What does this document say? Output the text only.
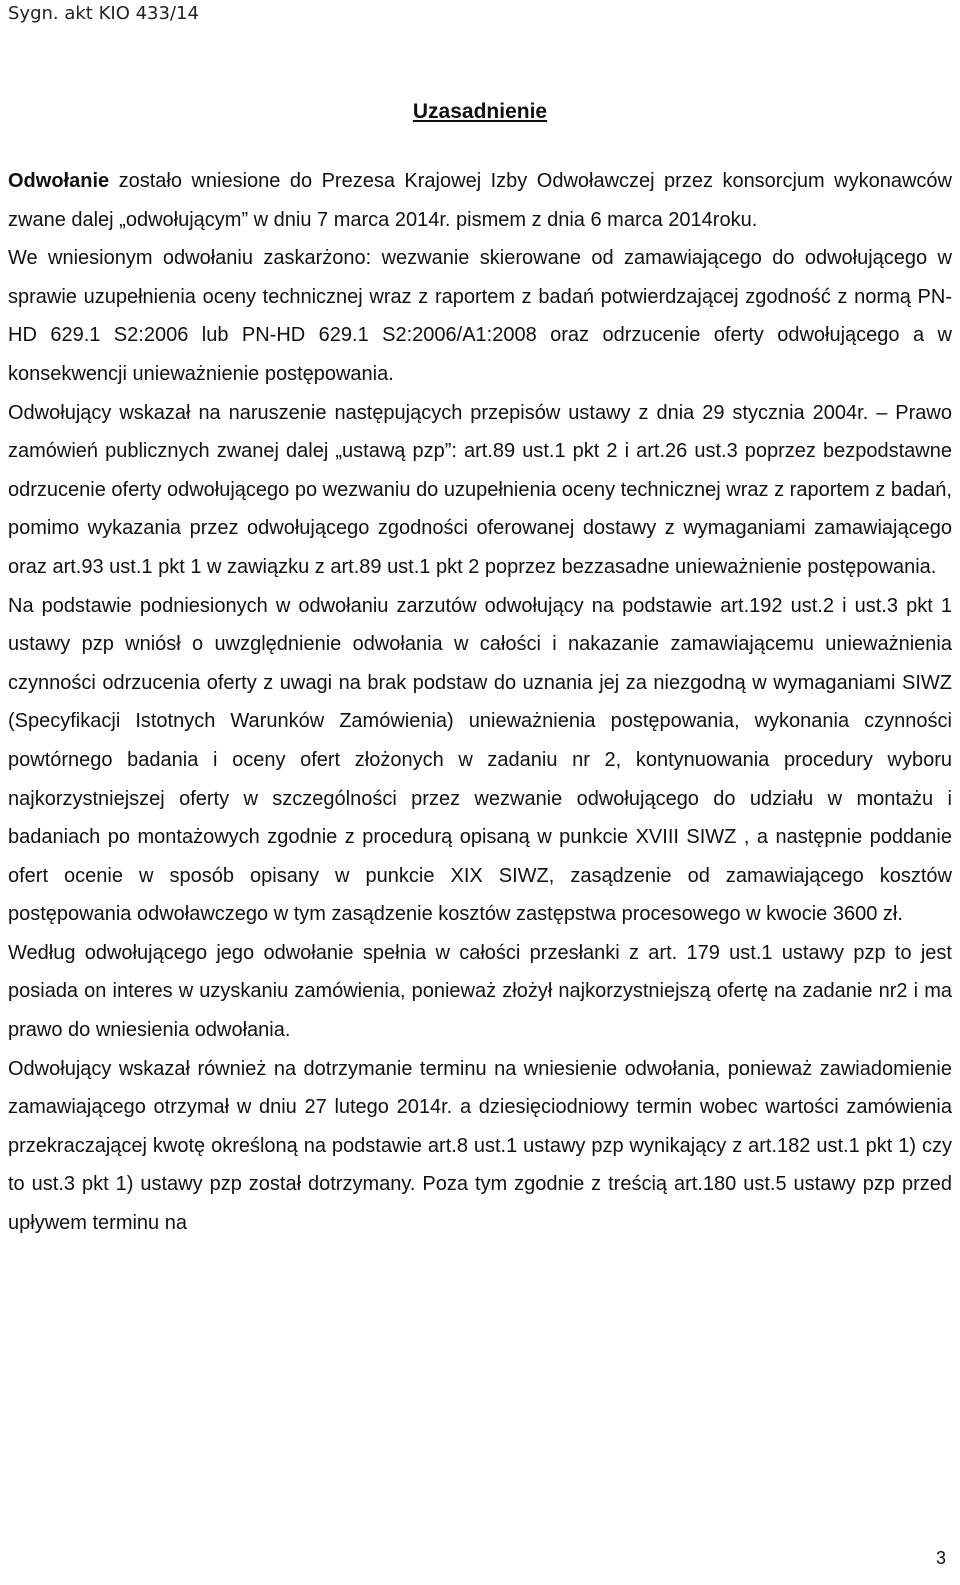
Sygn. akt KIO 433/14
Uzasadnienie

Odwołanie zostało wniesione do Prezesa Krajowej Izby Odwoławczej przez konsorcjum wykonawców zwane dalej „odwołującym” w dniu 7 marca 2014r. pismem z dnia 6 marca 2014roku.

We wniesionym odwołaniu zaskarżono: wezwanie skierowane od zamawiającego do odwołującego w sprawie uzupełnienia oceny technicznej wraz z raportem z badań potwierdzającej zgodność z normą PN-HD 629.1 S2:2006 lub PN-HD 629.1 S2:2006/A1:2008 oraz odrzucenie oferty odwołującego a w konsekwencji unieważnienie postępowania.

Odwołujący wskazał na naruszenie następujących przepisów ustawy z dnia 29 stycznia 2004r. – Prawo zamówień publicznych zwanej dalej „ustawą pzp”: art.89 ust.1 pkt 2 i art.26 ust.3 poprzez bezpodstawne odrzucenie oferty odwołującego po wezwaniu do uzupełnienia oceny technicznej wraz z raportem z badań, pomimo wykazania przez odwołującego zgodności oferowanej dostawy z wymaganiami zamawiającego oraz art.93 ust.1 pkt 1 w zawiązku z art.89 ust.1 pkt 2 poprzez bezzasadne unieważnienie postępowania.

Na podstawie podniesionych w odwołaniu zarzutów odwołujący na podstawie art.192 ust.2 i ust.3 pkt 1 ustawy pzp wniósł o uwzględnienie odwołania w całości i nakazanie zamawiającemu unieważnienia czynności odrzucenia oferty z uwagi na brak podstaw do uznania jej za niezgodną w wymaganiami SIWZ (Specyfikacji Istotnych Warunków Zamówienia) unieważnienia postępowania, wykonania czynności powtórnego badania i oceny ofert złożonych w zadaniu nr 2, kontynuowania procedury wyboru najkorzystniejszej oferty w szczególności przez wezwanie odwołującego do udziału w montażu i badaniach po montażowych zgodnie z procedurą opisaną w punkcie XVIII SIWZ , a następnie poddanie ofert ocenie w sposób opisany w punkcie XIX SIWZ, zasądzenie od zamawiającego kosztów postępowania odwoławczego w tym zasądzenie kosztów zastępstwa procesowego w kwocie 3600 zł.

Według odwołującego jego odwołanie spełnia w całości przesłanki z art. 179 ust.1 ustawy pzp to jest posiada on interes w uzyskaniu zamówienia, ponieważ złożył najkorzystniejszą ofertę na zadanie nr2 i ma prawo do wniesienia odwołania.

Odwołujący wskazał również na dotrzymanie terminu na wniesienie odwołania, ponieważ zawiadomienie zamawiającego otrzymał w dniu 27 lutego 2014r. a dziesięciodniowy termin wobec wartości zamówienia przekraczającej kwotę określoną na podstawie art.8 ust.1 ustawy pzp wynikający z art.182 ust.1 pkt 1) czy to ust.3 pkt 1) ustawy pzp został dotrzymany. Poza tym zgodnie z treścią art.180 ust.5 ustawy pzp przed upływem terminu na

3
